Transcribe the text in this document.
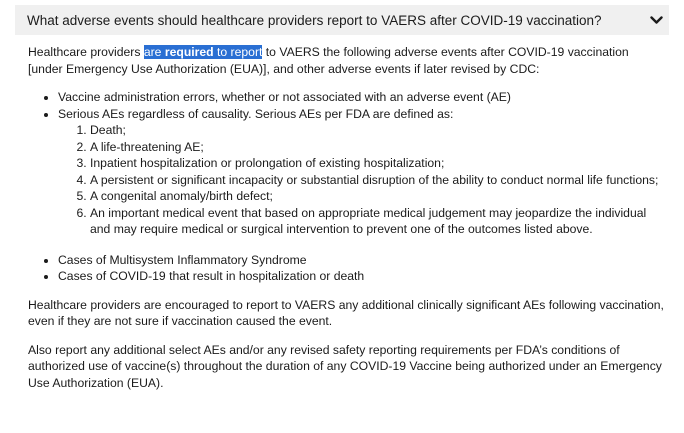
What adverse events should healthcare providers report to VAERS after COVID-19 vaccination?

Healthcare providers are required to report to VAERS the following adverse events after COVID-19 vaccination [under Emergency Use Authorization (EUA)], and other adverse events if later revised by CDC:

• Vaccine administration errors, whether or not associated with an adverse event (AE)
• Serious AEs regardless of causality. Serious AEs per FDA are defined as:
1. Death;
2. A life-threatening AE;
3. Inpatient hospitalization or prolongation of existing hospitalization;
4. A persistent or significant incapacity or substantial disruption of the ability to conduct normal life functions;
5. A congenital anomaly/birth defect;
6. An important medical event that based on appropriate medical judgement may jeopardize the individual and may require medical or surgical intervention to prevent one of the outcomes listed above.
• Cases of Multisystem Inflammatory Syndrome
• Cases of COVID-19 that result in hospitalization or death

Healthcare providers are encouraged to report to VAERS any additional clinically significant AEs following vaccination, even if they are not sure if vaccination caused the event.

Also report any additional select AEs and/or any revised safety reporting requirements per FDA’s conditions of authorized use of vaccine(s) throughout the duration of any COVID-19 Vaccine being authorized under an Emergency Use Authorization (EUA).
